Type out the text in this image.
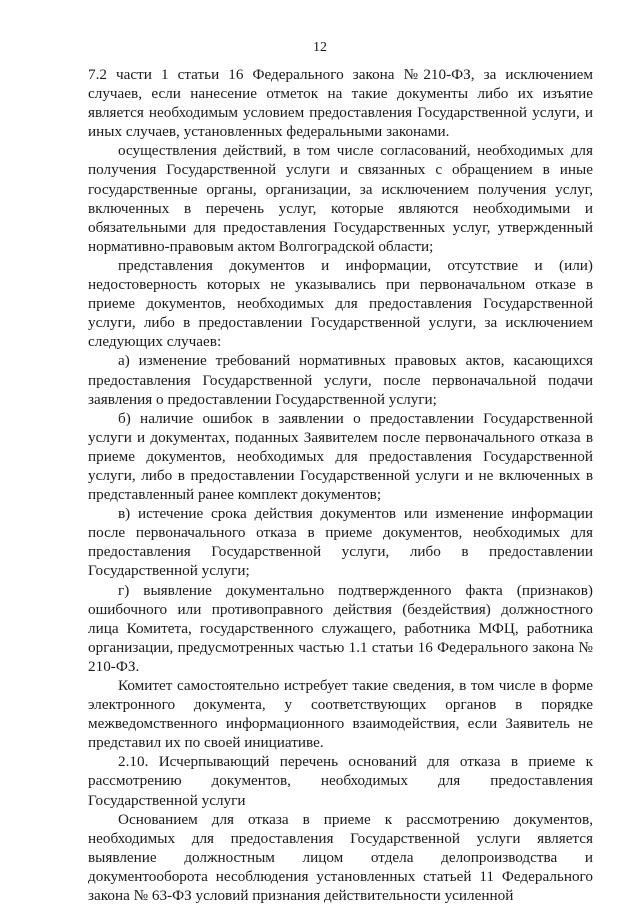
12

7.2 части 1 статьи 16 Федерального закона №210-ФЗ, за исключением случаев, если нанесение отметок на такие документы либо их изъятие является необходимым условием предоставления Государственной услуги, и иных случаев, установленных федеральными законами.

осуществления действий, в том числе согласований, необходимых для получения Государственной услуги и связанных с обращением в иные государственные органы, организации, за исключением получения услуг, включенных в перечень услуг, которые являются необходимыми и обязательными для предоставления Государственных услуг, утвержденный нормативно-правовым актом Волгоградской области;

представления документов и информации, отсутствие и (или) недостоверность которых не указывались при первоначальном отказе в приеме документов, необходимых для предоставления Государственной услуги, либо в предоставлении Государственной услуги, за исключением следующих случаев:

а) изменение требований нормативных правовых актов, касающихся предоставления Государственной услуги, после первоначальной подачи заявления о предоставлении Государственной услуги;

б) наличие ошибок в заявлении о предоставлении Государственной услуги и документах, поданных Заявителем после первоначального отказа в приеме документов, необходимых для предоставления Государственной услуги, либо в предоставлении Государственной услуги и не включенных в представленный ранее комплект документов;

в) истечение срока действия документов или изменение информации после первоначального отказа в приеме документов, необходимых для предоставления Государственной услуги, либо в предоставлении Государственной услуги;

г) выявление документально подтвержденного факта (признаков) ошибочного или противоправного действия (бездействия) должностного лица Комитета, государственного служащего, работника МФЦ, работника организации, предусмотренных частью 1.1 статьи 16 Федерального закона № 210-ФЗ.

Комитет самостоятельно истребует такие сведения, в том числе в форме электронного документа, у соответствующих органов в порядке межведомственного информационного взаимодействия, если Заявитель не представил их по своей инициативе.

2.10. Исчерпывающий перечень оснований для отказа в приеме к рассмотрению документов, необходимых для предоставления Государственной услуги

Основанием для отказа в приеме к рассмотрению документов, необходимых для предоставления Государственной услуги является выявление должностным лицом отдела делопроизводства и документооборота несоблюдения установленных статьей 11 Федерального закона № 63-ФЗ условий признания действительности усиленной
